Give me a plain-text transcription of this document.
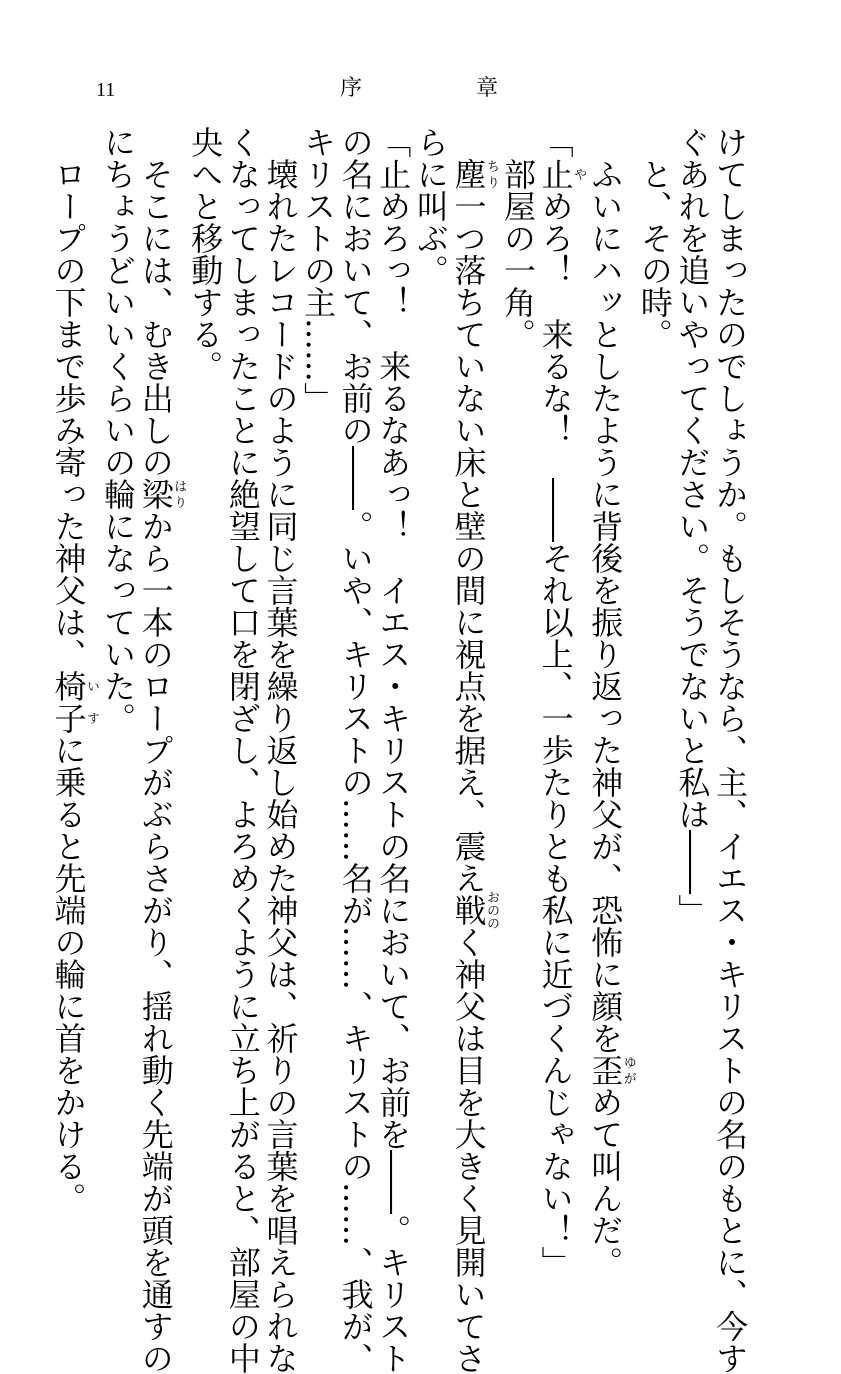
11	序	章
けてしまったのでしょうか。もしそうなら、主、イエス・キリストの名のもとに、今す
ぐあれを追いやってください。そうでないと私は――」
　と、その時。
　ふいにハッとしたように背後を振り返った神父が、恐怖に顔を歪ゆがめて叫んだ。
「止やめろ！　来るな！　――それ以上、一歩たりとも私に近づくんじゃない！」
　部屋の一角。
　塵ちり一つ落ちていない床と壁の間に視点を据え、震え戦おののく神父は目を大きく見開いてさ
らに叫ぶ。
「止めろっ！　来るなあっ！　イエス・キリストの名において、お前を――。キリスト
の名において、お前の――。いや、キリストの……名が……、キリストの……、我が、
キリストの主……」
　壊れたレコードのように同じ言葉を繰り返し始めた神父は、祈りの言葉を唱えられな
くなってしまったことに絶望して口を閉ざし、よろめくように立ち上がると、部屋の中
央へと移動する。
　そこには、むき出しの梁はりから一本のロープがぶらさがり、揺れ動く先端が頭を通すの
にちょうどいいくらいの輪になっていた。
　ロープの下まで歩み寄った神父は、椅子いすに乗ると先端の輪に首をかける。
